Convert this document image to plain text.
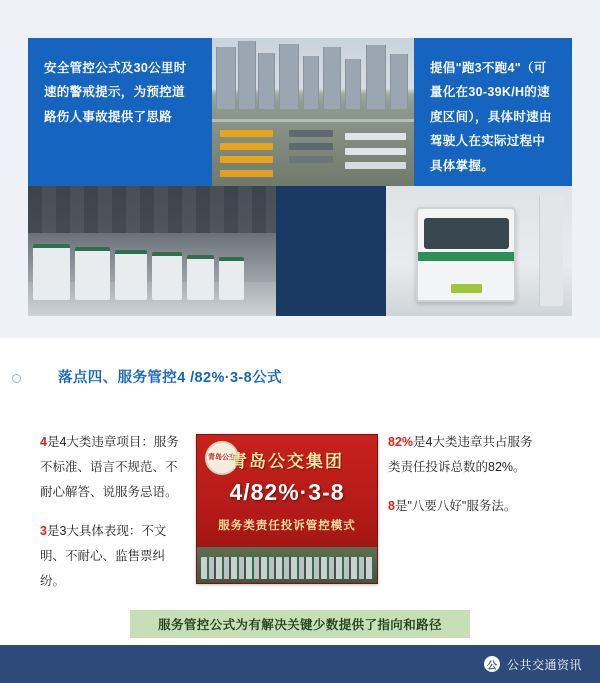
安全管控公式及30公里时速的警戒提示，为预控道路伤人事故提供了思路
提倡"跑3不跑4"（可量化在30-39K/H的速度区间），具体时速由驾驶人在实际过程中具体掌握。
落点四、服务管控4 /82%·3-8公式
4是4大类违章项目：服务不标准、语言不规范、不耐心解答、说服务忌语。
3是3大具体表现：不文明、不耐心、监售票纠纷。
青岛公交
青岛公交集团
4/82%·3-8
服务类责任投诉管控模式
82%是4大类违章共占服务类责任投诉总数的82%。
8是"八要八好"服务法。
服务管控公式为有解决关键少数提供了指向和路径
公 公共交通资讯
